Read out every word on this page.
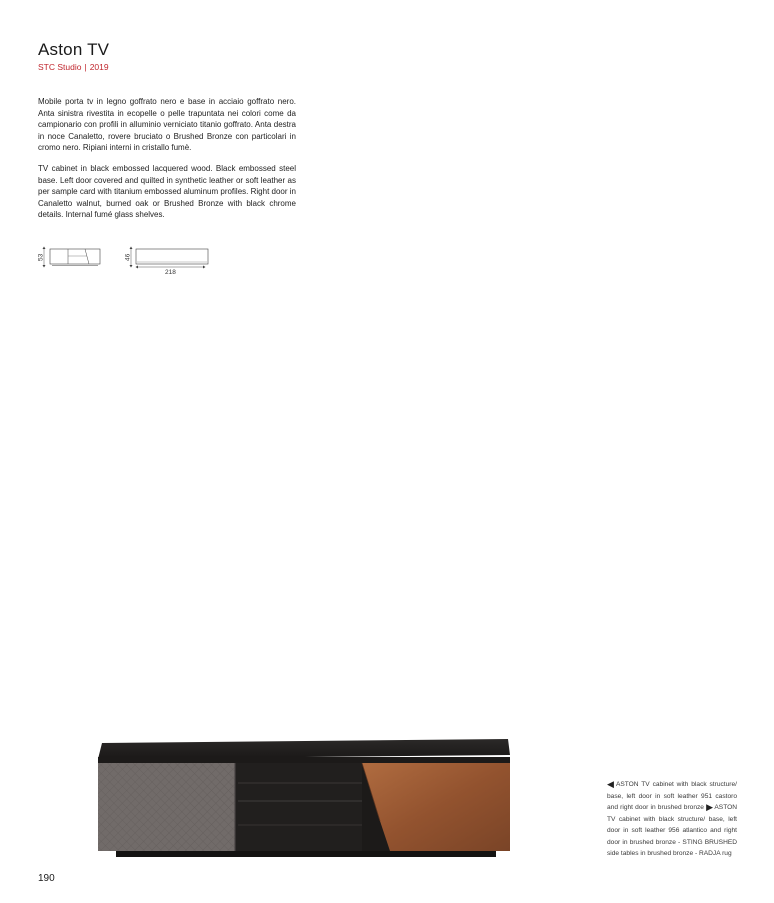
Aston TV
STC Studio | 2019

Mobile porta tv in legno goffrato nero e base in acciaio goffrato nero. Anta sinistra rivestita in ecopelle o pelle trapuntata nei colori come da campionario con profili in alluminio verniciato titanio goffrato. Anta destra in noce Canaletto, rovere bruciato o Brushed Bronze con particolari in cromo nero. Ripiani interni in cristallo fumè.

TV cabinet in black embossed lacquered wood. Black embossed steel base. Left door covered and quilted in synthetic leather or soft leather as per sample card with titanium embossed aluminum profiles. Right door in Canaletto walnut, burned oak or Brushed Bronze with black chrome details. Internal fumé glass shelves.

53	46
218

◀ASTON TV cabinet with black structure/ base, left door in soft leather 951 castoro and right door in brushed bronze ▶ASTON TV cabinet with black structure/ base, left door in soft leather 956 atlantico and right door in brushed bronze - STING BRUSHED side tables in brushed bronze - RADJA rug

190
